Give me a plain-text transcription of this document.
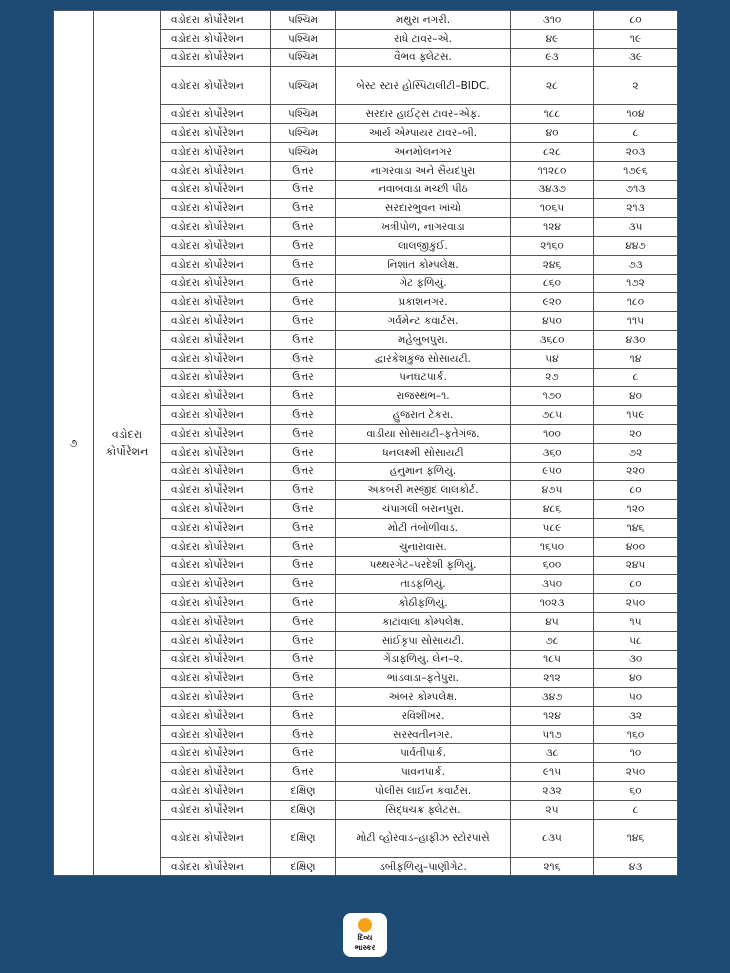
૭	વડોદરા કોર્પોરેશન	વડોદરા કોર્પોરેશન	પશ્ચિમ	મથુરા નગરી.	૩૧૦	૮૦
		વડોદરા કોર્પોરેશન	પશ્ચિમ	રાધે ટાવર–એ.	૪૯	૧૯
		વડોદરા કોર્પોરેશન	પશ્ચિમ	વૈભવ ફ્લેટસ.	૯૩	૩૯
		વડોદરા કોર્પોરેશન	પશ્ચિમ	બેસ્ટ સ્ટાર હોસ્પિટાલીટી–BIDC.	૨૮	૨
		વડોદરા કોર્પોરેશન	પશ્ચિમ	સરદાર હાઈટ્સ ટાવર–એફ.	૧૮૮	૧૦૪
		વડોદરા કોર્પોરેશન	પશ્ચિમ	આર્ય એમ્પાયર ટાવર–બી.	૪૦	૮
		વડોદરા કોર્પોરેશન	પશ્ચિમ	અનમોલનગર	૮૨૮	૨૦૩
		વડોદરા કોર્પોરેશન	ઉત્તર	નાગરવાડા અને સૈયદપુરા	૧૧૨૮૦	૧૭૯૬
		વડોદરા કોર્પોરેશન	ઉત્તર	નવાબવાડા મચ્છી પીઠ	૩૪૩૭	૭૧૩
		વડોદરા કોર્પોરેશન	ઉત્તર	સરદારભુવન ખાંચો	૧૦૬૫	૨૧૩
		વડોદરા કોર્પોરેશન	ઉત્તર	ખત્રીપોળ, નાગરવાડા	૧૨૪	૩૫
		વડોદરા કોર્પોરેશન	ઉત્તર	લાલજીકુંઈ.	૨૧૬૦	૪૪૭
		વડોદરા કોર્પોરેશન	ઉત્તર	નિશાંત કોમ્પલેક્ષ.	૨૪૬	૭૩
		વડોદરા કોર્પોરેશન	ઉત્તર	ગેટ ફળિયું.	૮૬૦	૧૭૨
		વડોદરા કોર્પોરેશન	ઉત્તર	પ્રકાશનગર.	૯૨૦	૧૮૦
		વડોદરા કોર્પોરેશન	ઉત્તર	ગર્વમેન્ટ કવાર્ટસ.	૪૫૦	૧૧૫
		વડોદરા કોર્પોરેશન	ઉત્તર	મહેબુબપુરા.	૩૬૮૦	૪૩૦
		વડોદરા કોર્પોરેશન	ઉત્તર	દ્વારકેશકુંજ સોસાયટી.	૫૪	૧૪
		વડોદરા કોર્પોરેશન	ઉત્તર	પનઘટપાર્ક.	૨૭	૮
		વડોદરા કોર્પોરેશન	ઉત્તર	રાજસ્થંભ–૧.	૧૭૦	૪૦
		વડોદરા કોર્પોરેશન	ઉત્તર	હુજરાત ટેકરા.	૭૮૫	૧૫૯
		વડોદરા કોર્પોરેશન	ઉત્તર	વાડીયા સોસાયટી–ફતેગંજ.	૧૦૦	૨૦
		વડોદરા કોર્પોરેશન	ઉત્તર	ધનલક્ષ્મી સોસાયટી	૩૬૦	૭૨
		વડોદરા કોર્પોરેશન	ઉત્તર	હનુમાન ફળિયું.	૯૫૦	૨૨૦
		વડોદરા કોર્પોરેશન	ઉત્તર	અકબરી મસ્જીદ લાલકોર્ટ.	૪૭૫	૮૦
		વડોદરા કોર્પોરેશન	ઉત્તર	ચંપાગલી બરાનપુરા.	૪૮૬	૧૨૦
		વડોદરા કોર્પોરેશન	ઉત્તર	મોટી તંબોળીવાડ.	૫૮૯	૧૪૬
		વડોદરા કોર્પોરેશન	ઉત્તર	ચુનારાવાસ.	૧૬૫૦	૪૦૦
		વડોદરા કોર્પોરેશન	ઉત્તર	પથ્થરગેટ–પરદેશી ફળિયું.	૬૦૦	૨૪૫
		વડોદરા કોર્પોરેશન	ઉત્તર	તાડફળિયું.	૩૫૦	૮૦
		વડોદરા કોર્પોરેશન	ઉત્તર	કોઠીફળિયું.	૧૦૨૩	૨૫૦
		વડોદરા કોર્પોરેશન	ઉત્તર	કાટાંવાલા કોમ્પલેક્ષ.	૪૫	૧૫
		વડોદરા કોર્પોરેશન	ઉત્તર	સાંઈકૃપા સોસાયટી.	૭૮	૫૮
		વડોદરા કોર્પોરેશન	ઉત્તર	ગેંડાફળિયું. લેન–૨.	૧૮૫	૩૦
		વડોદરા કોર્પોરેશન	ઉત્તર	ભાંડવાડા–ફતેપુરા.	૨૧૨	૪૦
		વડોદરા કોર્પોરેશન	ઉત્તર	અંબર કોમ્પલેક્ષ.	૩૪૭	૫૦
		વડોદરા કોર્પોરેશન	ઉત્તર	રવિશીખર.	૧૨૪	૩૨
		વડોદરા કોર્પોરેશન	ઉત્તર	સરસ્વતીનગર.	૫૧૭	૧૬૦
		વડોદરા કોર્પોરેશન	ઉત્તર	પાર્વતીપાર્ક.	૩૮	૧૦
		વડોદરા કોર્પોરેશન	ઉત્તર	પાવનપાર્ક.	૯૧૫	૨૫૦
		વડોદરા કોર્પોરેશન	દક્ષિણ	પોલીસ લાઈન કવાર્ટસ.	૨૩૨	૬૦
		વડોદરા કોર્પોરેશન	દક્ષિણ	સિદ્ધચક્ર ફ્લેટસ.	૨૫	૮
		વડોદરા કોર્પોરેશન	દક્ષિણ	મોટી વ્હોરવાડ–હાફીઝ સ્ટોરપાસે	૮૩૫	૧૪૬
		વડોદરા કોર્પોરેશન	દક્ષિણ	ડબીફળિયું–પાણીગેટ.	૨૧૬	૪૩
દિવ્ય
ભાસ્કર
